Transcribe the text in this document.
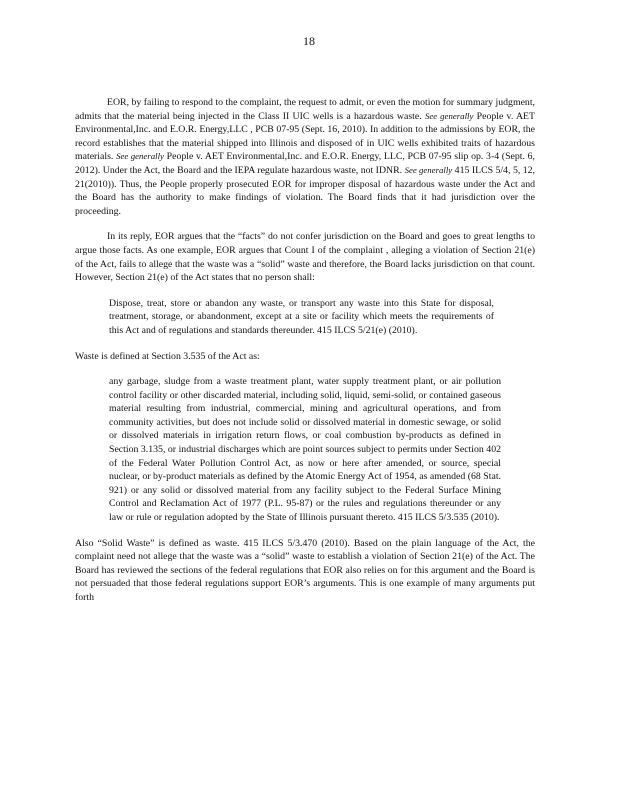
18

EOR, by failing to respond to the complaint, the request to admit, or even the motion for summary judgment, admits that the material being injected in the Class II UIC wells is a hazardous waste. See generally People v. AET Environmental,Inc. and E.O.R. Energy,LLC , PCB 07-95 (Sept. 16, 2010). In addition to the admissions by EOR, the record establishes that the material shipped into Illinois and disposed of in UIC wells exhibited traits of hazardous materials. See generally People v. AET Environmental,Inc. and E.O.R. Energy, LLC, PCB 07-95 slip op. 3-4 (Sept. 6, 2012). Under the Act, the Board and the IEPA regulate hazardous waste, not IDNR. See generally 415 ILCS 5/4, 5, 12, 21(2010)). Thus, the People properly prosecuted EOR for improper disposal of hazardous waste under the Act and the Board has the authority to make findings of violation. The Board finds that it had jurisdiction over the proceeding.

In its reply, EOR argues that the “facts” do not confer jurisdiction on the Board and goes to great lengths to argue those facts. As one example, EOR argues that Count I of the complaint , alleging a violation of Section 21(e) of the Act, fails to allege that the waste was a “solid” waste and therefore, the Board lacks jurisdiction on that count. However, Section 21(e) of the Act states that no person shall:

Dispose, treat, store or abandon any waste, or transport any waste into this State for disposal, treatment, storage, or abandonment, except at a site or facility which meets the requirements of this Act and of regulations and standards thereunder. 415 ILCS 5/21(e) (2010).

Waste is defined at Section 3.535 of the Act as:

any garbage, sludge from a waste treatment plant, water supply treatment plant, or air pollution control facility or other discarded material, including solid, liquid, semi-solid, or contained gaseous material resulting from industrial, commercial, mining and agricultural operations, and from community activities, but does not include solid or dissolved material in domestic sewage, or solid or dissolved materials in irrigation return flows, or coal combustion by-products as defined in Section 3.135, or industrial discharges which are point sources subject to permits under Section 402 of the Federal Water Pollution Control Act, as now or here after amended, or source, special nuclear, or by-product materials as defined by the Atomic Energy Act of 1954, as amended (68 Stat. 921) or any solid or dissolved material from any facility subject to the Federal Surface Mining Control and Reclamation Act of 1977 (P.L. 95-87) or the rules and regulations thereunder or any law or rule or regulation adopted by the State of Illinois pursuant thereto. 415 ILCS 5/3.535 (2010).

Also “Solid Waste” is defined as waste. 415 ILCS 5/3.470 (2010). Based on the plain language of the Act, the complaint need not allege that the waste was a “solid” waste to establish a violation of Section 21(e) of the Act. The Board has reviewed the sections of the federal regulations that EOR also relies on for this argument and the Board is not persuaded that those federal regulations support EOR’s arguments. This is one example of many arguments put forth
